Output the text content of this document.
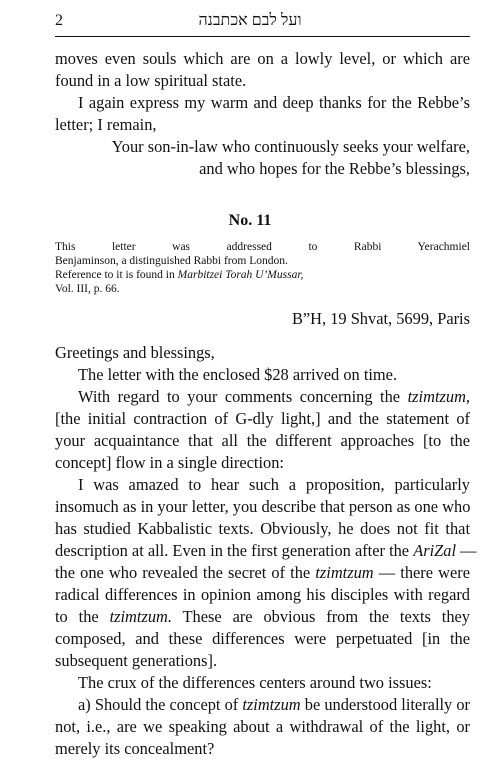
2	ועל לבם אכתבנה
moves even souls which are on a lowly level, or which are
found in a low spiritual state.
I again express my warm and deep thanks for the Rebbe’s
letter; I remain,
Your son-in-law who continuously seeks your welfare,
and who hopes for the Rebbe’s blessings,
No. 11
This letter was addressed to Rabbi Yerachmiel
Benjaminson, a distinguished Rabbi from London.
Reference to it is found in Marbitzei Torah U’Mussar,
Vol. III, p. 66.
B”H, 19 Shvat, 5699, Paris
Greetings and blessings,
The letter with the enclosed $28 arrived on time.
With regard to your comments concerning the tzimtzum,
[the initial contraction of G-dly light,] and the statement of
your acquaintance that all the different approaches [to the
concept] flow in a single direction:
I was amazed to hear such a proposition, particularly
insomuch as in your letter, you describe that person as one who
has studied Kabbalistic texts. Obviously, he does not fit that
description at all. Even in the first generation after the AriZal —
the one who revealed the secret of the tzimtzum — there were
radical differences in opinion among his disciples with regard
to the tzimtzum. These are obvious from the texts they
composed, and these differences were perpetuated [in the
subsequent generations].
The crux of the differences centers around two issues:
a) Should the concept of tzimtzum be understood literally or
not, i.e., are we speaking about a withdrawal of the light, or
merely its concealment?
